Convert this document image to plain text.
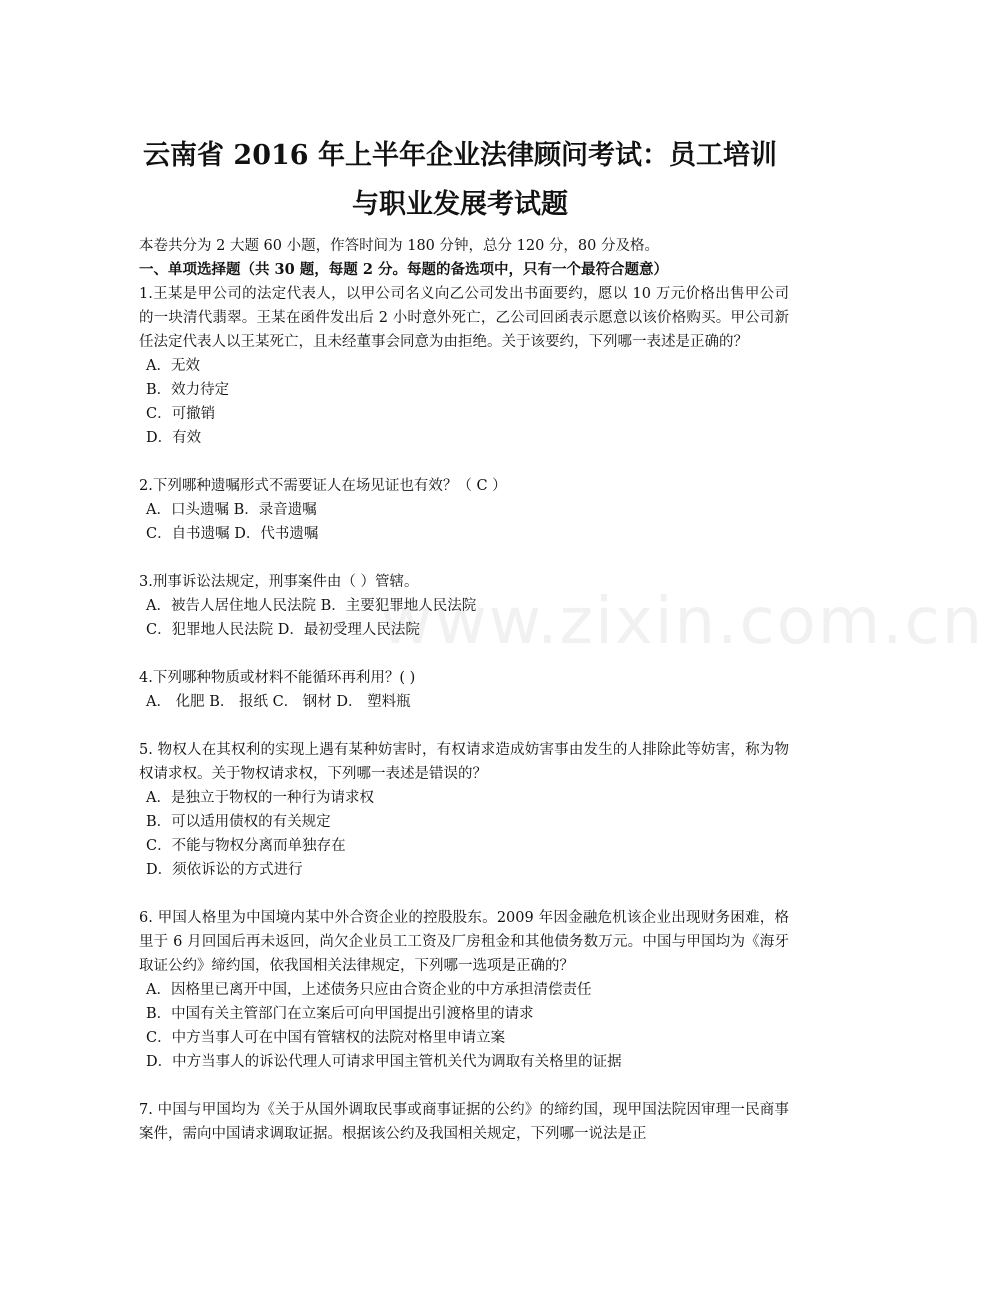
www.zixin.com.cn
云南省 2016 年上半年企业法律顾问考试：员工培训
与职业发展考试题
本卷共分为 2 大题 60 小题，作答时间为 180 分钟，总分 120 分，80 分及格。
一、单项选择题（共 30 题，每题 2 分。每题的备选项中，只有一个最符合题意）
1.王某是甲公司的法定代表人，以甲公司名义向乙公司发出书面要约，愿以 10 万元价格出售甲公司的一块清代翡翠。王某在函件发出后 2 小时意外死亡，乙公司回函表示愿意以该价格购买。甲公司新任法定代表人以王某死亡，且未经董事会同意为由拒绝。关于该要约，下列哪一表述是正确的？
A．无效
B．效力待定
C．可撤销
D．有效
2.下列哪种遗嘱形式不需要证人在场见证也有效？（ C ）
A．口头遗嘱 B．录音遗嘱
C．自书遗嘱 D．代书遗嘱
3.刑事诉讼法规定，刑事案件由（ ）管辖。
A．被告人居住地人民法院 B．主要犯罪地人民法院
C．犯罪地人民法院 D．最初受理人民法院
4.下列哪种物质或材料不能循环再利用？( )
A． 化肥 B． 报纸 C． 钢材 D． 塑料瓶
5. 物权人在其权利的实现上遇有某种妨害时，有权请求造成妨害事由发生的人排除此等妨害，称为物权请求权。关于物权请求权，下列哪一表述是错误的？
A．是独立于物权的一种行为请求权
B．可以适用债权的有关规定
C．不能与物权分离而单独存在
D．须依诉讼的方式进行
6. 甲国人格里为中国境内某中外合资企业的控股股东。2009 年因金融危机该企业出现财务困难，格里于 6 月回国后再未返回，尚欠企业员工工资及厂房租金和其他债务数万元。中国与甲国均为《海牙取证公约》缔约国，依我国相关法律规定，下列哪一选项是正确的？
A．因格里已离开中国，上述债务只应由合资企业的中方承担清偿责任
B．中国有关主管部门在立案后可向甲国提出引渡格里的请求
C．中方当事人可在中国有管辖权的法院对格里申请立案
D．中方当事人的诉讼代理人可请求甲国主管机关代为调取有关格里的证据
7. 中国与甲国均为《关于从国外调取民事或商事证据的公约》的缔约国，现甲国法院因审理一民商事案件，需向中国请求调取证据。根据该公约及我国相关规定，下列哪一说法是正
